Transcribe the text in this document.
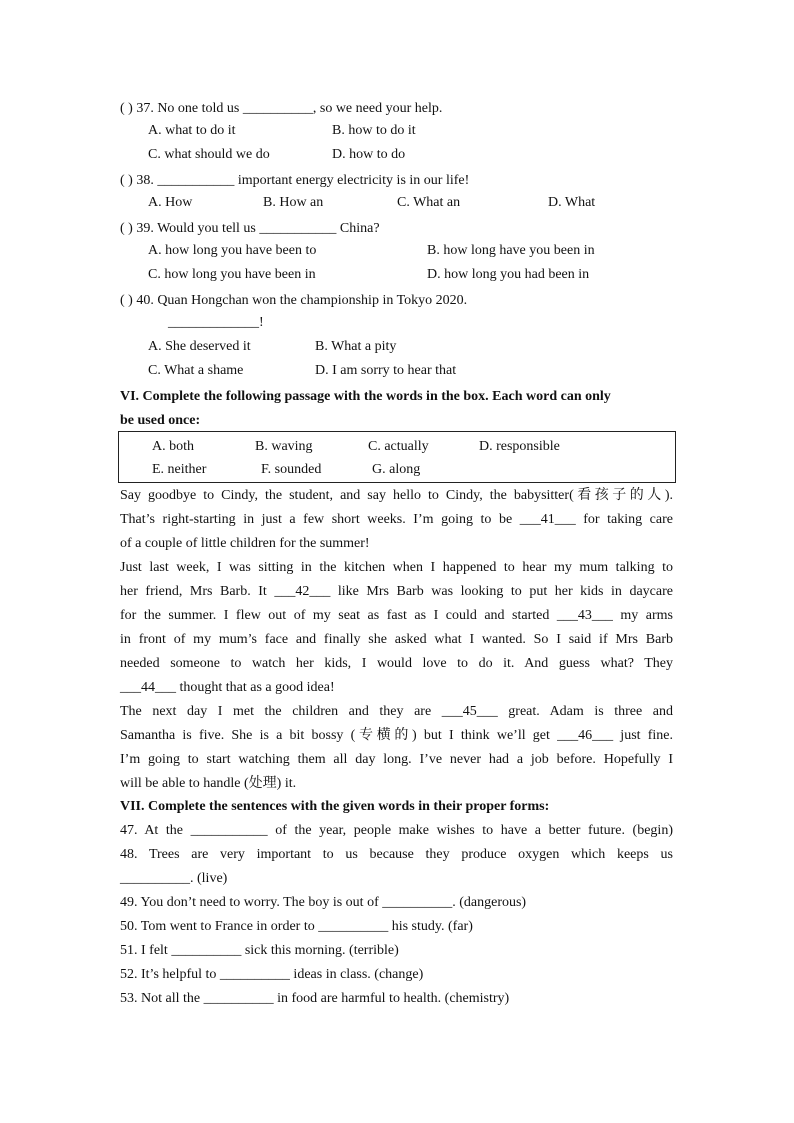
( ) 37. No one told us __________, so we need your help.
A. what to do it	B. how to do it
C. what should we do	D. how to do
( ) 38. ___________ important energy electricity is in our life!
A. How	B. How an	C. What an	D. What
( ) 39. Would you tell us ___________ China?
A. how long you have been to	B. how long have you been in
C. how long you have been in	D. how long you had been in
( ) 40. Quan Hongchan won the championship in Tokyo 2020.
_____________!
A. She deserved it	B. What a pity
C. What a shame	D. I am sorry to hear that
VI. Complete the following passage with the words in the box. Each word can only
be used once:
A. both	B. waving	C. actually	D. responsible
E. neither	F. sounded	G. along
Say goodbye to Cindy, the student, and say hello to Cindy, the babysitter(看孩子的人).
That’s right-starting in just a few short weeks. I’m going to be ___41___ for taking care
of a couple of little children for the summer!
Just last week, I was sitting in the kitchen when I happened to hear my mum talking to
her friend, Mrs Barb. It ___42___ like Mrs Barb was looking to put her kids in daycare
for the summer. I flew out of my seat as fast as I could and started ___43___ my arms
in front of my mum’s face and finally she asked what I wanted. So I said if Mrs Barb
needed someone to watch her kids, I would love to do it. And guess what? They
___44___ thought that as a good idea!
The next day I met the children and they are ___45___ great. Adam is three and
Samantha is five. She is a bit bossy (专横的) but I think we’ll get ___46___ just fine.
I’m going to start watching them all day long. I’ve never had a job before. Hopefully I
will be able to handle (处理) it.
VII. Complete the sentences with the given words in their proper forms:
47. At the ___________ of the year, people make wishes to have a better future. (begin)
48. Trees are very important to us because they produce oxygen which keeps us
__________. (live)
49. You don’t need to worry. The boy is out of __________. (dangerous)
50. Tom went to France in order to __________ his study. (far)
51. I felt __________ sick this morning. (terrible)
52. It’s helpful to __________ ideas in class. (change)
53. Not all the __________ in food are harmful to health. (chemistry)
